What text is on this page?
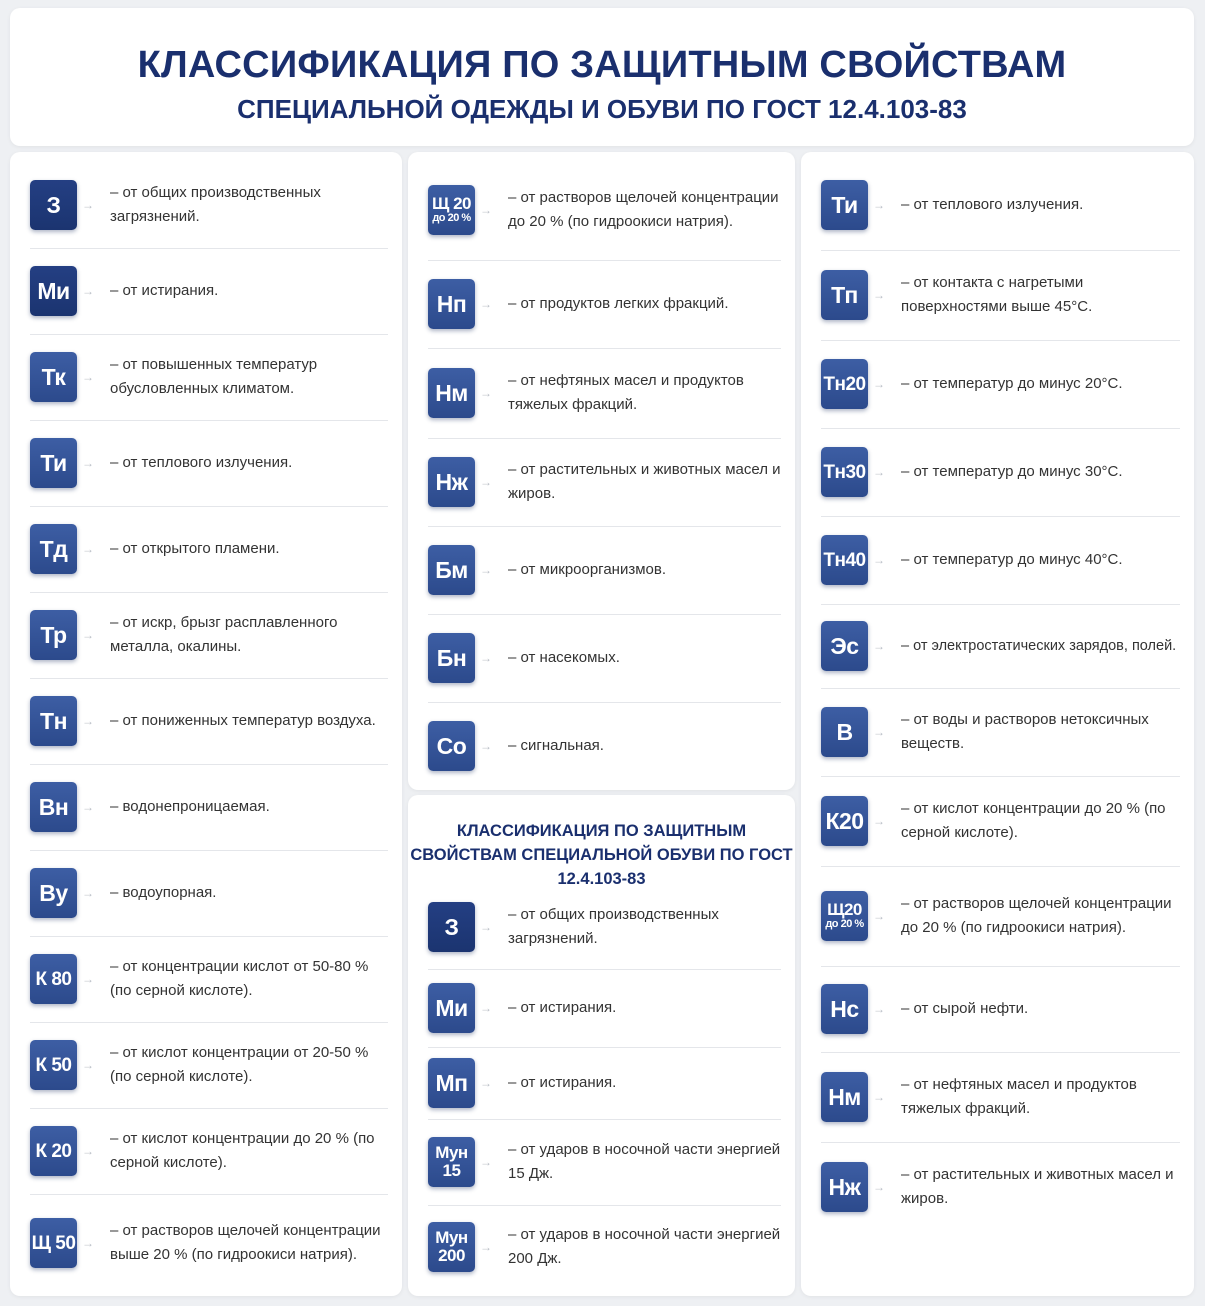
КЛАССИФИКАЦИЯ ПО ЗАЩИТНЫМ СВОЙСТВАМ
СПЕЦИАЛЬНОЙ ОДЕЖДЫ И ОБУВИ ПО ГОСТ 12.4.103-83
З	→
– от общих производственных загрязнений.
Ми	→ – от истирания.
Тк	→
– от повышенных температур обусловленных климатом.
Ти	→ – от теплового излучения.
Тд	→ – от открытого пламени.
Тр	→
– от искр, брызг расплавленного металла, окалины.
Тн	→ – от пониженных температур воздуха.
Вн	→ – водонепроницаемая.
Ву	→ – водоупорная.
К 80 →
– от концентрации кислот от 50-80 % (по серной кислоте).
К 50 →
– от кислот концентрации от 20-50 % (по серной кислоте).
К 20 →
– от кислот концентрации до 20 % (по серной кислоте).
Щ 50 →
– от растворов щелочей концентрации выше 20 % (по гидроокиси натрия).
Щ 20
до 20 %
→
– от растворов щелочей концентрации до 20 % (по гидроокиси натрия).
Нп	→ – от продуктов легких фракций.
Нм	→
– от нефтяных масел и продуктов тяжелых фракций.
Нж	→
– от растительных и животных масел и жиров.
Бм	→ – от микроорганизмов.
Бн	→ – от насекомых.
Со	→ – сигнальная.
КЛАССИФИКАЦИЯ ПО ЗАЩИТНЫМ СВОЙСТВАМ СПЕЦИАЛЬНОЙ ОБУВИ ПО ГОСТ 12.4.103-83
З	→
– от общих производственных загрязнений.
Ми	→ – от истирания.
Мп	→ – от истирания.
Мун
15 →
– от ударов в носочной части энергией 15 Дж.
Мун
200 →
– от ударов в носочной части энергией 200 Дж.
Ти	→ – от теплового излучения.
Тп	→
– от контакта с нагретыми поверхностями выше 45°С.
Тн20 → – от температур до минус 20°С.
Тн30 → – от температур до минус 30°С.
Тн40 → – от температур до минус 40°С.
Эс	→ – от электростатических зарядов, полей.
В	→
– от воды и растворов нетоксичных веществ.
К20 →
– от кислот концентрации до 20 % (по серной кислоте).
Щ20
до 20 %
→
– от растворов щелочей концентрации до 20 % (по гидроокиси натрия).
Нс	→ – от сырой нефти.
Нм	→
– от нефтяных масел и продуктов тяжелых фракций.
Нж	→
– от растительных и животных масел и жиров.
